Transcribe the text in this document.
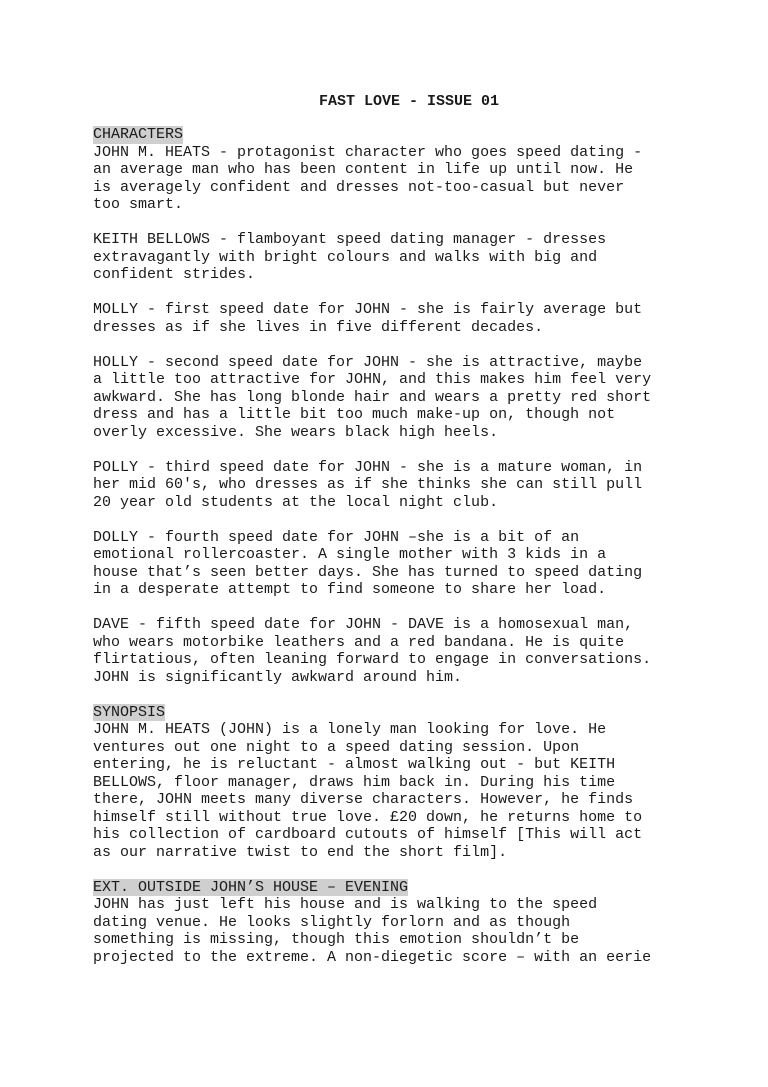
FAST LOVE - ISSUE 01
CHARACTERS

JOHN M. HEATS - protagonist character who goes speed dating -
an average man who has been content in life up until now. He
is averagely confident and dresses not-too-casual but never
too smart.

KEITH BELLOWS - flamboyant speed dating manager - dresses
extravagantly with bright colours and walks with big and
confident strides.

MOLLY - first speed date for JOHN - she is fairly average but
dresses as if she lives in five different decades.

HOLLY - second speed date for JOHN - she is attractive, maybe
a little too attractive for JOHN, and this makes him feel very
awkward. She has long blonde hair and wears a pretty red short
dress and has a little bit too much make-up on, though not
overly excessive. She wears black high heels.

POLLY - third speed date for JOHN - she is a mature woman, in
her mid 60's, who dresses as if she thinks she can still pull
20 year old students at the local night club.

DOLLY - fourth speed date for JOHN –she is a bit of an
emotional rollercoaster. A single mother with 3 kids in a
house that’s seen better days. She has turned to speed dating
in a desperate attempt to find someone to share her load.

DAVE - fifth speed date for JOHN - DAVE is a homosexual man,
who wears motorbike leathers and a red bandana. He is quite
flirtatious, often leaning forward to engage in conversations.
JOHN is significantly awkward around him.

SYNOPSIS

JOHN M. HEATS (JOHN) is a lonely man looking for love. He
ventures out one night to a speed dating session. Upon
entering, he is reluctant - almost walking out - but KEITH
BELLOWS, floor manager, draws him back in. During his time
there, JOHN meets many diverse characters. However, he finds
himself still without true love. £20 down, he returns home to
his collection of cardboard cutouts of himself [This will act
as our narrative twist to end the short film].

EXT. OUTSIDE JOHN’S HOUSE – EVENING

JOHN has just left his house and is walking to the speed
dating venue. He looks slightly forlorn and as though
something is missing, though this emotion shouldn’t be
projected to the extreme. A non-diegetic score – with an eerie
